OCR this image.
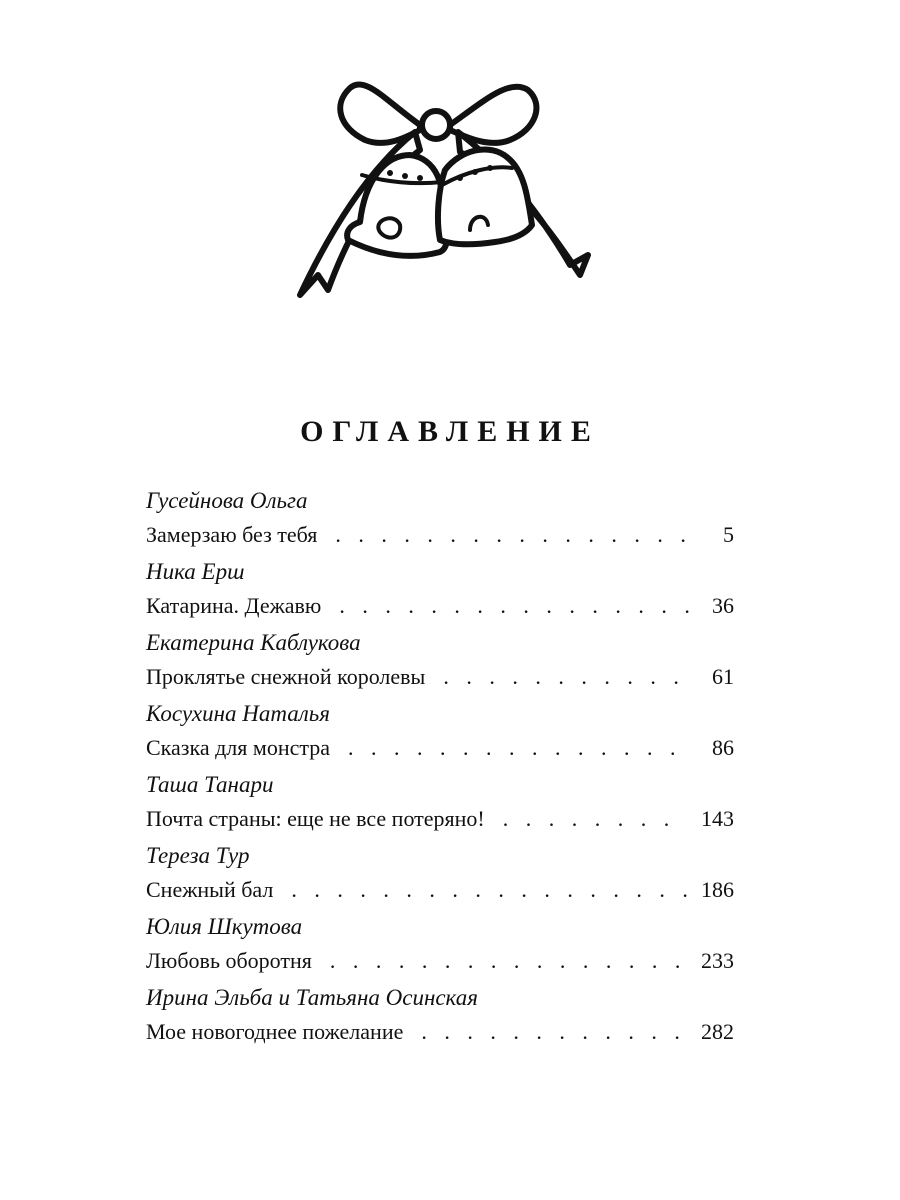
ОГЛАВЛЕНИЕ
Гусейнова Ольга
Замерзаю без тебя . . .	5
Ника Ерш
Катарина. Дежавю . . .	36
Екатерина Каблукова
Проклятье снежной королевы . . .	61
Косухина Наталья
Сказка для монстра . . .	86
Таша Танари
Почта страны: еще не все потеряно! . . .	143
Тереза Тур
Снежный бал . . .	186
Юлия Шкутова
Любовь оборотня . . .	233
Ирина Эльба и Татьяна Осинская
Мое новогоднее пожелание . . .	282
